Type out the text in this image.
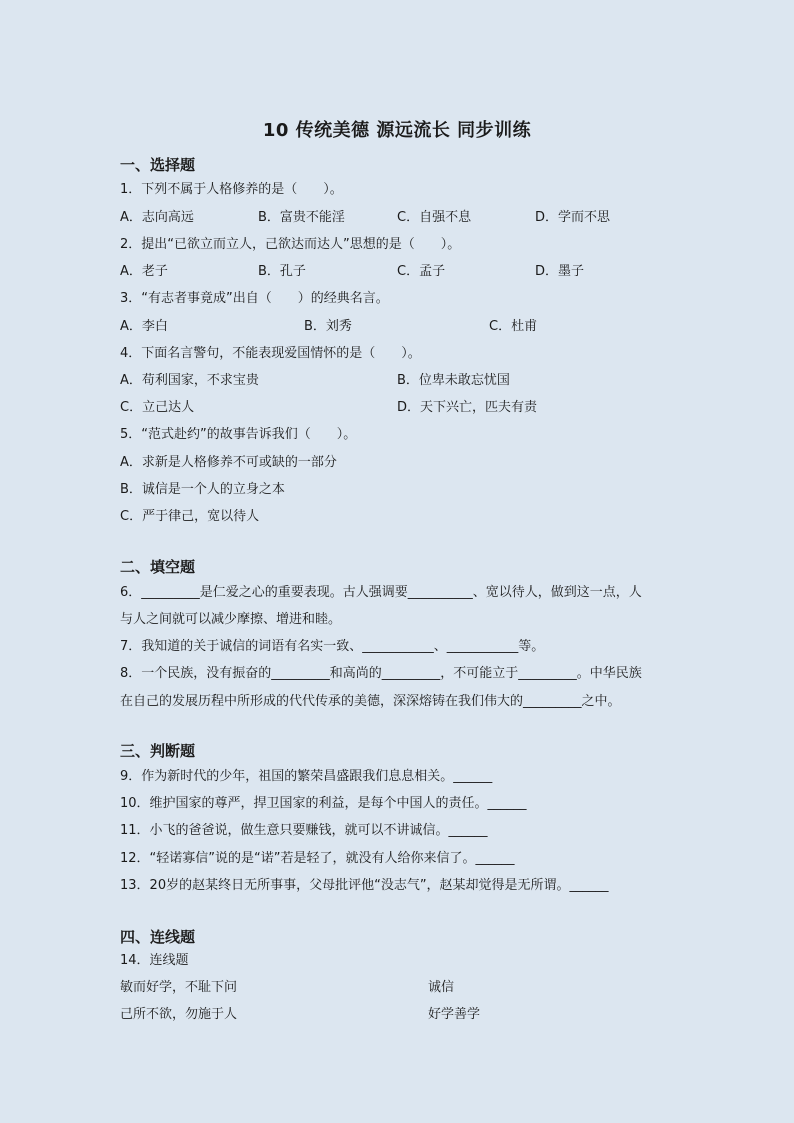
10 传统美德 源远流长 同步训练
一、选择题
1．下列不属于人格修养的是（　　）。
A．志向高远	B．富贵不能淫	C．自强不息	D．学而不思
2．提出“已欲立而立人，己欲达而达人”思想的是（　　）。
A．老子	B．孔子	C．孟子	D．墨子
3．“有志者事竟成”出自（　　）的经典名言。
A．李白	B．刘秀	C．杜甫
4．下面名言警句，不能表现爱国情怀的是（　　）。
A．苟利国家，不求宝贵	B．位卑未敢忘忧国
C．立己达人	D．天下兴亡，匹夫有责
5．“范式赴约”的故事告诉我们（　　）。
A．求新是人格修养不可或缺的一部分
B．诚信是一个人的立身之本
C．严于律己，宽以待人
二、填空题
6．_________是仁爱之心的重要表现。古人强调要__________、宽以待人，做到这一点，人
与人之间就可以减少摩擦、增进和睦。
7．我知道的关于诚信的词语有名实一致、___________、___________等。
8．一个民族，没有振奋的_________和高尚的_________，不可能立于_________。中华民族
在自己的发展历程中所形成的代代传承的美德，深深熔铸在我们伟大的_________之中。
三、判断题
9．作为新时代的少年，祖国的繁荣昌盛跟我们息息相关。______
10．维护国家的尊严，捍卫国家的利益，是每个中国人的责任。______
11．小飞的爸爸说，做生意只要赚钱，就可以不讲诚信。______
12．“轻诺寡信”说的是“诺”若是轻了，就没有人给你来信了。______
13．20岁的赵某终日无所事事，父母批评他“没志气”，赵某却觉得是无所谓。______
四、连线题
14．连线题
敏而好学，不耻下问	诚信
己所不欲，勿施于人	好学善学
